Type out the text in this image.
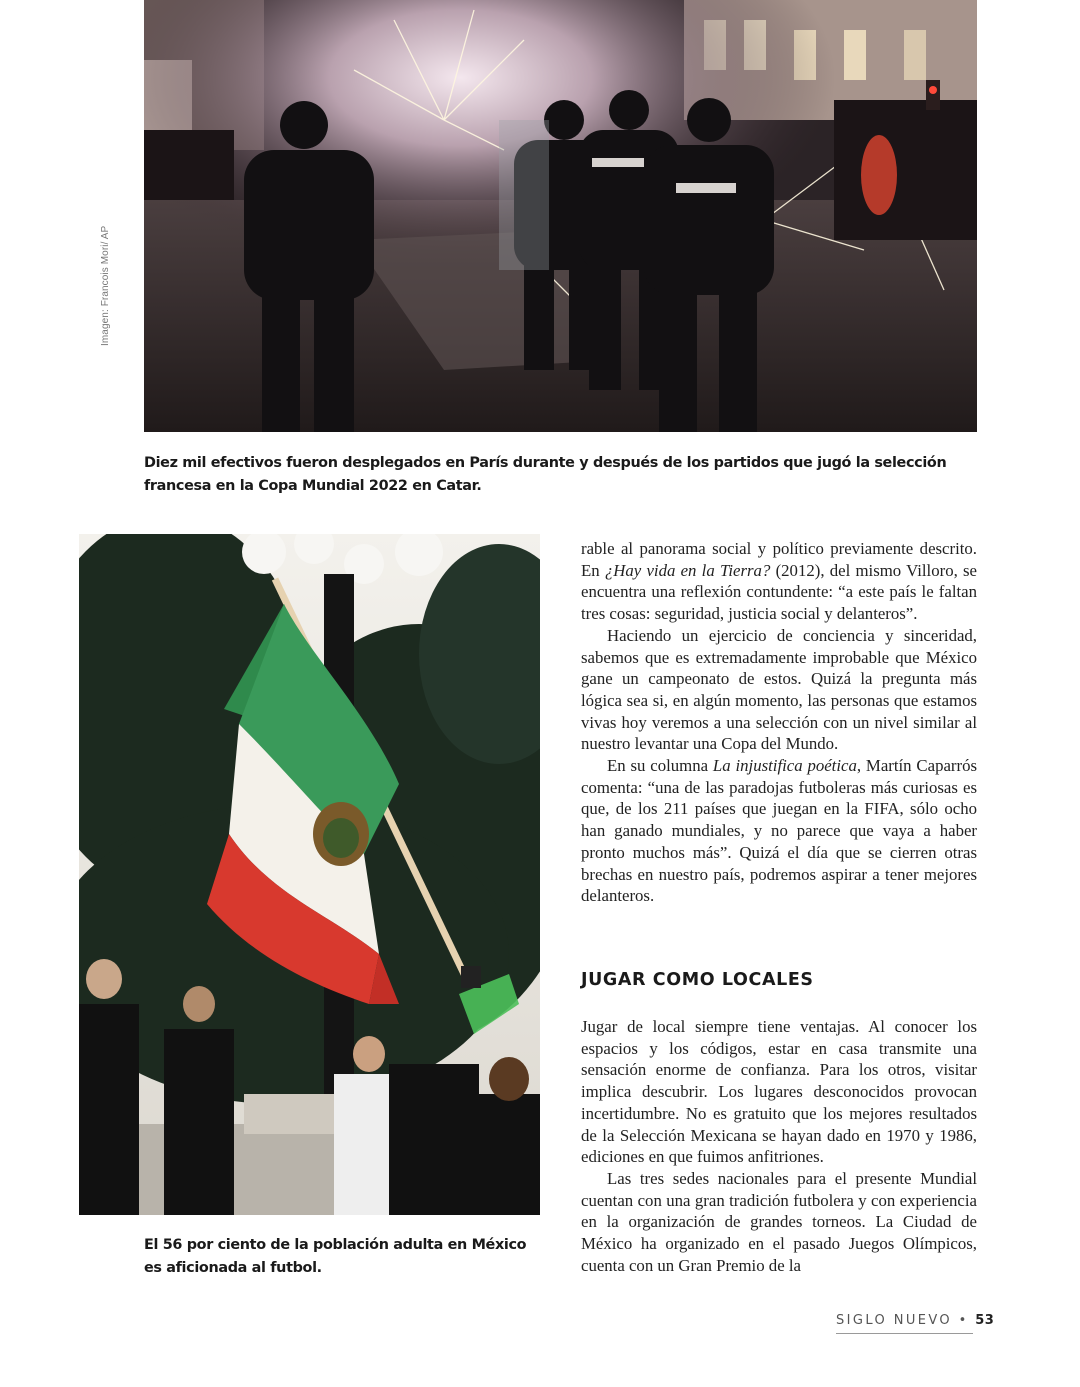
Imagen: Francois Mori/ AP
Diez mil efectivos fueron desplegados en París durante y después de los partidos que jugó la selección francesa en la Copa Mundial 2022 en Catar.
El 56 por ciento de la población adulta en México es aficionada al futbol.

rable al panorama social y político previamente descrito. En ¿Hay vida en la Tierra? (2012), del mismo Villoro, se encuentra una reflexión contundente: “a este país le faltan tres cosas: seguridad, justicia social y delanteros”.

Haciendo un ejercicio de conciencia y sinceridad, sabemos que es extremadamente improbable que México gane un campeonato de estos. Quizá la pregunta más lógica sea si, en algún momento, las personas que estamos vivas hoy veremos a una selección con un nivel similar al nuestro levantar una Copa del Mundo.

En su columna La injustifica poética, Martín Caparrós comenta: “una de las paradojas futboleras más curiosas es que, de los 211 países que juegan en la FIFA, sólo ocho han ganado mundiales, y no parece que vaya a haber pronto muchos más”. Quizá el día que se cierren otras brechas en nuestro país, podremos aspirar a tener mejores delanteros.

JUGAR COMO LOCALES

Jugar de local siempre tiene ventajas. Al conocer los espacios y los códigos, estar en casa transmite una sensación enorme de confianza. Para los otros, visitar implica descubrir. Los lugares desconocidos provocan incertidumbre. No es gratuito que los mejores resultados de la Selección Mexicana se hayan dado en 1970 y 1986, ediciones en que fuimos anfitriones.

Las tres sedes nacionales para el presente Mundial cuentan con una gran tradición futbolera y con experiencia en la organización de grandes torneos. La Ciudad de México ha organizado en el pasado Juegos Olímpicos, cuenta con un Gran Premio de la

SIGLO NUEVO • 53
